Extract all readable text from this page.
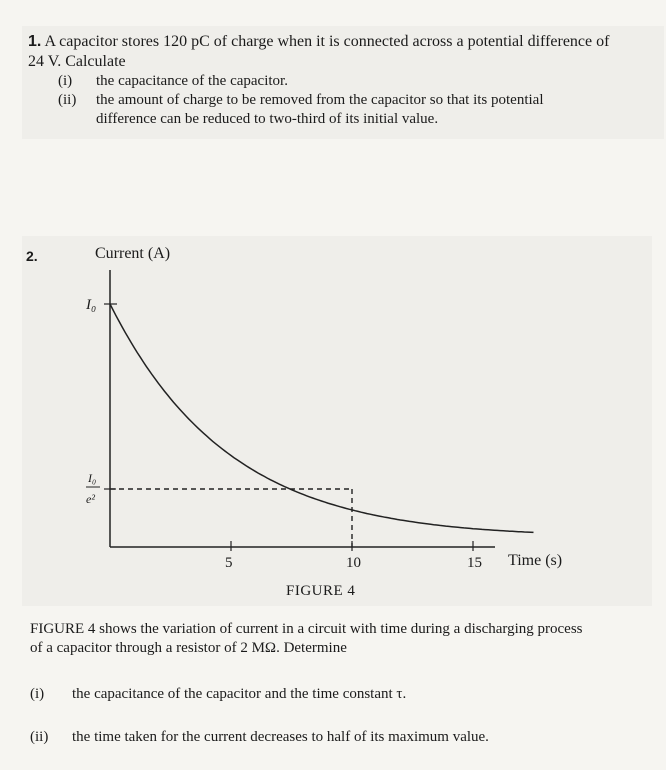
1. A capacitor stores 120 pC of charge when it is connected across a potential difference of
24 V. Calculate
(i)	the capacitance of the capacitor.
(ii)	the amount of charge to be removed from the capacitor so that its potential
difference can be reduced to two-third of its initial value.
2.	Current (A)
Time (s)
I₀
I₀
e²
5	10	15
FIGURE 4
FIGURE 4 shows the variation of current in a circuit with time during a discharging process
of a capacitor through a resistor of 2 MΩ. Determine
(i)	the capacitance of the capacitor and the time constant τ.
(ii)	the time taken for the current decreases to half of its maximum value.
